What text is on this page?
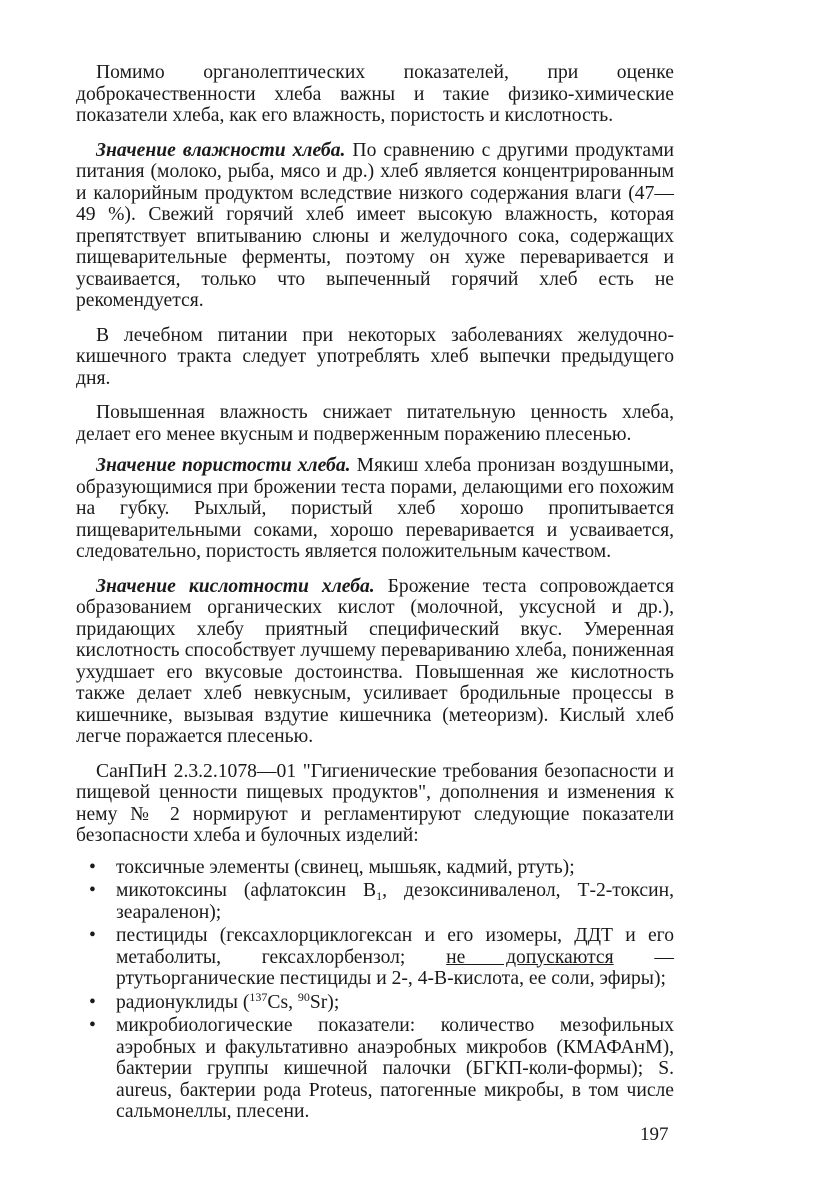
Помимо органолептических показателей, при оценке доброкачественности хлеба важны и такие физико-химические показатели хлеба, как его влажность, пористость и кислотность.

Значение влажности хлеба. По сравнению с другими продуктами питания (молоко, рыба, мясо и др.) хлеб является концентрированным и калорийным продуктом вследствие низкого содержания влаги (47—49 %). Свежий горячий хлеб имеет высокую влажность, которая препятствует впитыванию слюны и желудочного сока, содержащих пищеварительные ферменты, поэтому он хуже переваривается и усваивается, только что выпеченный горячий хлеб есть не рекомендуется.

В лечебном питании при некоторых заболеваниях желудочно-кишечного тракта следует употреблять хлеб выпечки предыдущего дня.

Повышенная влажность снижает питательную ценность хлеба, делает его менее вкусным и подверженным поражению плесенью.

Значение пористости хлеба. Мякиш хлеба пронизан воздушными, образующимися при брожении теста порами, делающими его похожим на губку. Рыхлый, пористый хлеб хорошо пропитывается пищеварительными соками, хорошо переваривается и усваивается, следовательно, пористость является положительным качеством.

Значение кислотности хлеба. Брожение теста сопровождается образованием органических кислот (молочной, уксусной и др.), придающих хлебу приятный специфический вкус. Умеренная кислотность способствует лучшему перевариванию хлеба, пониженная ухудшает его вкусовые достоинства. Повышенная же кислотность также делает хлеб невкусным, усиливает бродильные процессы в кишечнике, вызывая вздутие кишечника (метеоризм). Кислый хлеб легче поражается плесенью.

СанПиН 2.3.2.1078—01 "Гигиенические требования безопасности и пищевой ценности пищевых продуктов", дополнения и изменения к нему № 2 нормируют и регламентируют следующие показатели безопасности хлеба и булочных изделий:

• токсичные элементы (свинец, мышьяк, кадмий, ртуть);
• микотоксины (афлатоксин $B_1$, дезоксиниваленол, Т-2-токсин, зеараленон);
• пестициды (гексахлорциклогексан и его изомеры, ДДТ и его метаболиты, гексахлорбензол; не допускаются — ртутьорганические пестициды и 2-, 4-В-кислота, ее соли, эфиры);
• радионуклиды ($^{137}$Cs, $^{90}$Sr);
• микробиологические показатели: количество мезофильных аэробных и факультативно анаэробных микробов (КМАФАнМ), бактерии группы кишечной палочки (БГКП-коли-формы); S. aureus, бактерии рода Proteus, патогенные микробы, в том числе сальмонеллы, плесени.
197
